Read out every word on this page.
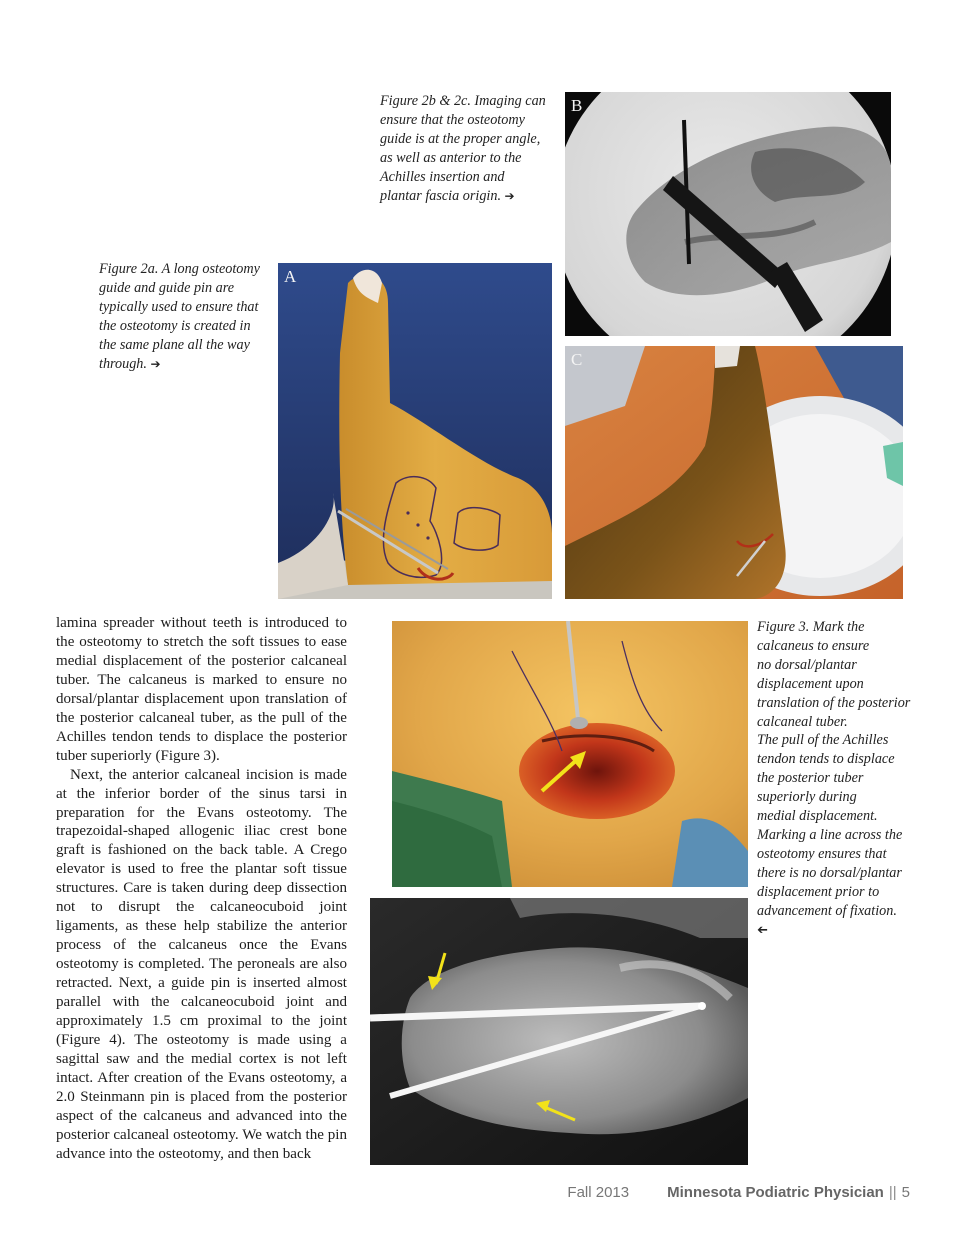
Figure 2b & 2c. Imaging can

ensure that the osteotomy

guide is at the proper angle,

as well as anterior to the

Achilles insertion and

plantar fascia origin. ➔

Figure 2a. A long osteotomy

guide and guide pin are

typically used to ensure that

the osteotomy is created in

the same plane all the way

through. ➔

B
A
C

Figure 3. Mark the

calcaneus to ensure

no dorsal/plantar

displacement upon

translation of the posterior

calcaneal tuber.

The pull of the Achilles

tendon tends to displace

the posterior tuber

superiorly during

medial displacement.

Marking a line across the

osteotomy ensures that

there is no dorsal/plantar

displacement prior to

advancement of fixation.

➔

lamina spreader without teeth is introduced to the osteotomy to stretch the soft tissues to ease medial displacement of the posterior calcaneal tuber. The calcaneus is marked to ensure no dorsal/plantar displacement upon translation of the posterior calcaneal tuber, as the pull of the Achilles tendon tends to displace the posterior tuber superiorly (Figure 3).

Next, the anterior calcaneal incision is made at the inferior border of the sinus tarsi in preparation for the Evans osteotomy. The trapezoidal-shaped allogenic iliac crest bone graft is fashioned on the back table. A Crego elevator is used to free the plantar soft tissue structures. Care is taken during deep dissection not to disrupt the calcaneocuboid joint ligaments, as these help stabilize the anterior process of the calcaneus once the Evans osteotomy is completed. The peroneals are also retracted. Next, a guide pin is inserted almost parallel with the calcaneocuboid joint and approximately 1.5 cm proximal to the joint (Figure 4). The osteotomy is made using a sagittal saw and the medial cortex is not left intact. After creation of the Evans osteotomy, a 2.0 Steinmann pin is placed from the posterior aspect of the calcaneus and advanced into the posterior calcaneal osteotomy. We watch the pin advance into the osteotomy, and then back

Fall 2013	Minnesota Podiatric Physician || 5
